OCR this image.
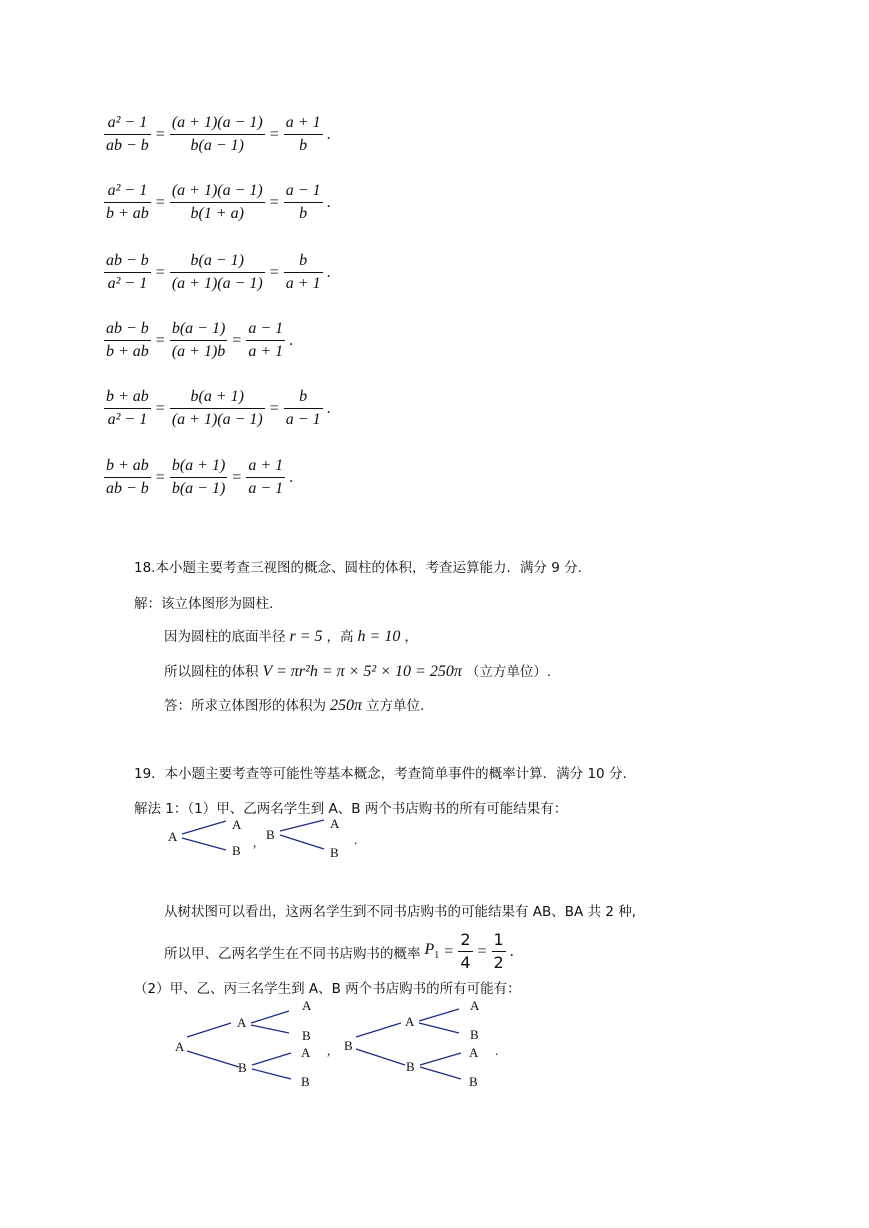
$\frac{\text{a² − 1}}{ab - b} = \frac{(a + 1)(a - 1)}{b(a - 1)} = \frac{a + 1}{b}$ .
$\frac{\text{a² − 1}}{b + ab} = \frac{(a + 1)(a - 1)}{b(1 + a)} = \frac{a - 1}{b}$ .
$\frac{ab - b}{\text{a² − 1}} = \frac{b(a - 1)}{(a + 1)(a - 1)} = \frac{b}{a + 1}$ .
$\frac{ab - b}{b + ab} = \frac{b(a - 1)}{(a + 1)b} = \frac{a - 1}{a + 1}$ .
$\frac{b + ab}{\text{a² − 1}} = \frac{b(a + 1)}{(a + 1)(a - 1)} = \frac{b}{a - 1}$ .
$\frac{b + ab}{ab - b} = \frac{b(a + 1)}{b(a - 1)} = \frac{a + 1}{a - 1}$ .
18.本小题主要考查三视图的概念、圆柱的体积，考查运算能力．满分 9 分.
解：该立体图形为圆柱.
因为圆柱的底面半径 r = 5 ，高 h = 10 ，
所以圆柱的体积 V = πr²h = π × 5² × 10 = 250π （立方单位）.
答：所求立体图形的体积为 250π 立方单位.
19．本小题主要考查等可能性等基本概念，考查简单事件的概率计算．满分 10 分.
解法 1：（1）甲、乙两名学生到 A、B 两个书店购书的所有可能结果有：
A
A
B
,
B
A
B
.
从树状图可以看出，这两名学生到不同书店购书的可能结果有 AB、BA 共 2 种,
所以甲、乙两名学生在不同书店购书的概率 $P_1 = \frac{2}{4} = \frac{1}{2}$ .
（2）甲、乙、丙三名学生到 A、B 两个书店购书的所有可能有：
A
A
A
B
B
A
B
, B
A
A
B
B
A
B
.
